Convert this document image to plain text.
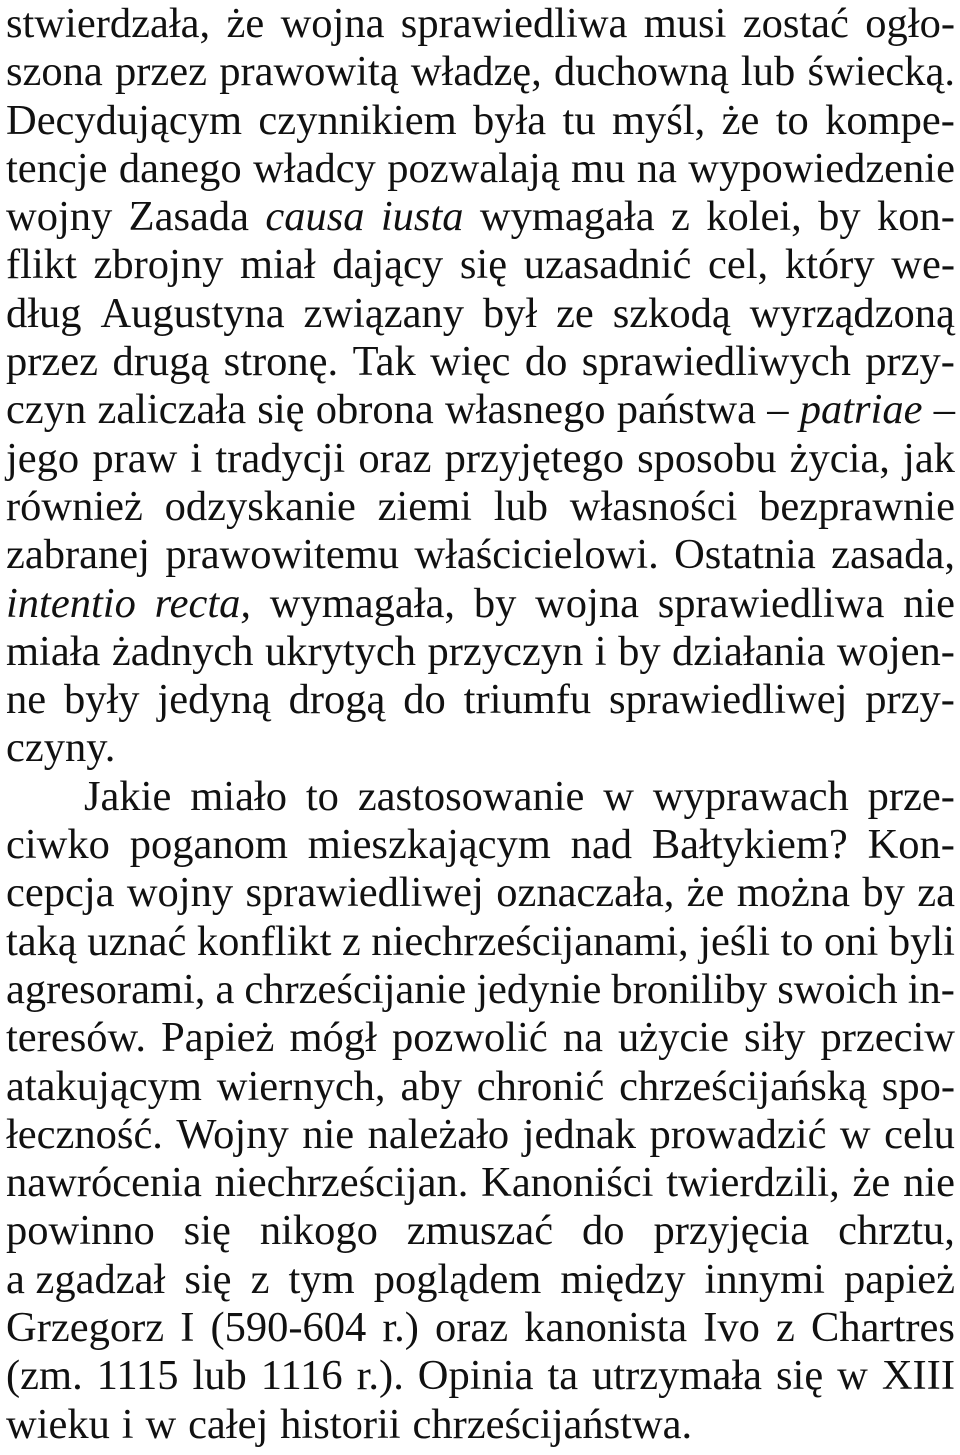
stwierdzała, że wojna sprawiedliwa musi zostać ogło-
szona przez prawowitą władzę, duchowną lub świecką.
Decydującym czynnikiem była tu myśl, że to kompe-
tencje danego władcy pozwalają mu na wypowiedzenie
wojny Zasada causa iusta wymagała z kolei, by kon-
flikt zbrojny miał dający się uzasadnić cel, który we-
dług Augustyna związany był ze szkodą wyrządzoną
przez drugą stronę. Tak więc do sprawiedliwych przy-
czyn zaliczała się obrona własnego państwa – patriae –
jego praw i tradycji oraz przyjętego sposobu życia, jak
również odzyskanie ziemi lub własności bezprawnie
zabranej prawowitemu właścicielowi. Ostatnia zasada,
intentio recta, wymagała, by wojna sprawiedliwa nie
miała żadnych ukrytych przyczyn i by działania wojen-
ne były jedyną drogą do triumfu sprawiedliwej przy-
czyny.
Jakie miało to zastosowanie w wyprawach prze-
ciwko poganom mieszkającym nad Bałtykiem? Kon-
cepcja wojny sprawiedliwej oznaczała, że można by za
taką uznać konflikt z niechrześcijanami, jeśli to oni byli
agresorami, a chrześcijanie jedynie broniliby swoich in-
teresów. Papież mógł pozwolić na użycie siły przeciw
atakującym wiernych, aby chronić chrześcijańską spo-
łeczność. Wojny nie należało jednak prowadzić w celu
nawrócenia niechrześcijan. Kanoniści twierdzili, że nie
powinno się nikogo zmuszać do przyjęcia chrztu,
a zgadzał się z tym poglądem między innymi papież
Grzegorz I (590-604 r.) oraz kanonista Ivo z Chartres
(zm. 1115 lub 1116 r.). Opinia ta utrzymała się w XIII
wieku i w całej historii chrześcijaństwa.
